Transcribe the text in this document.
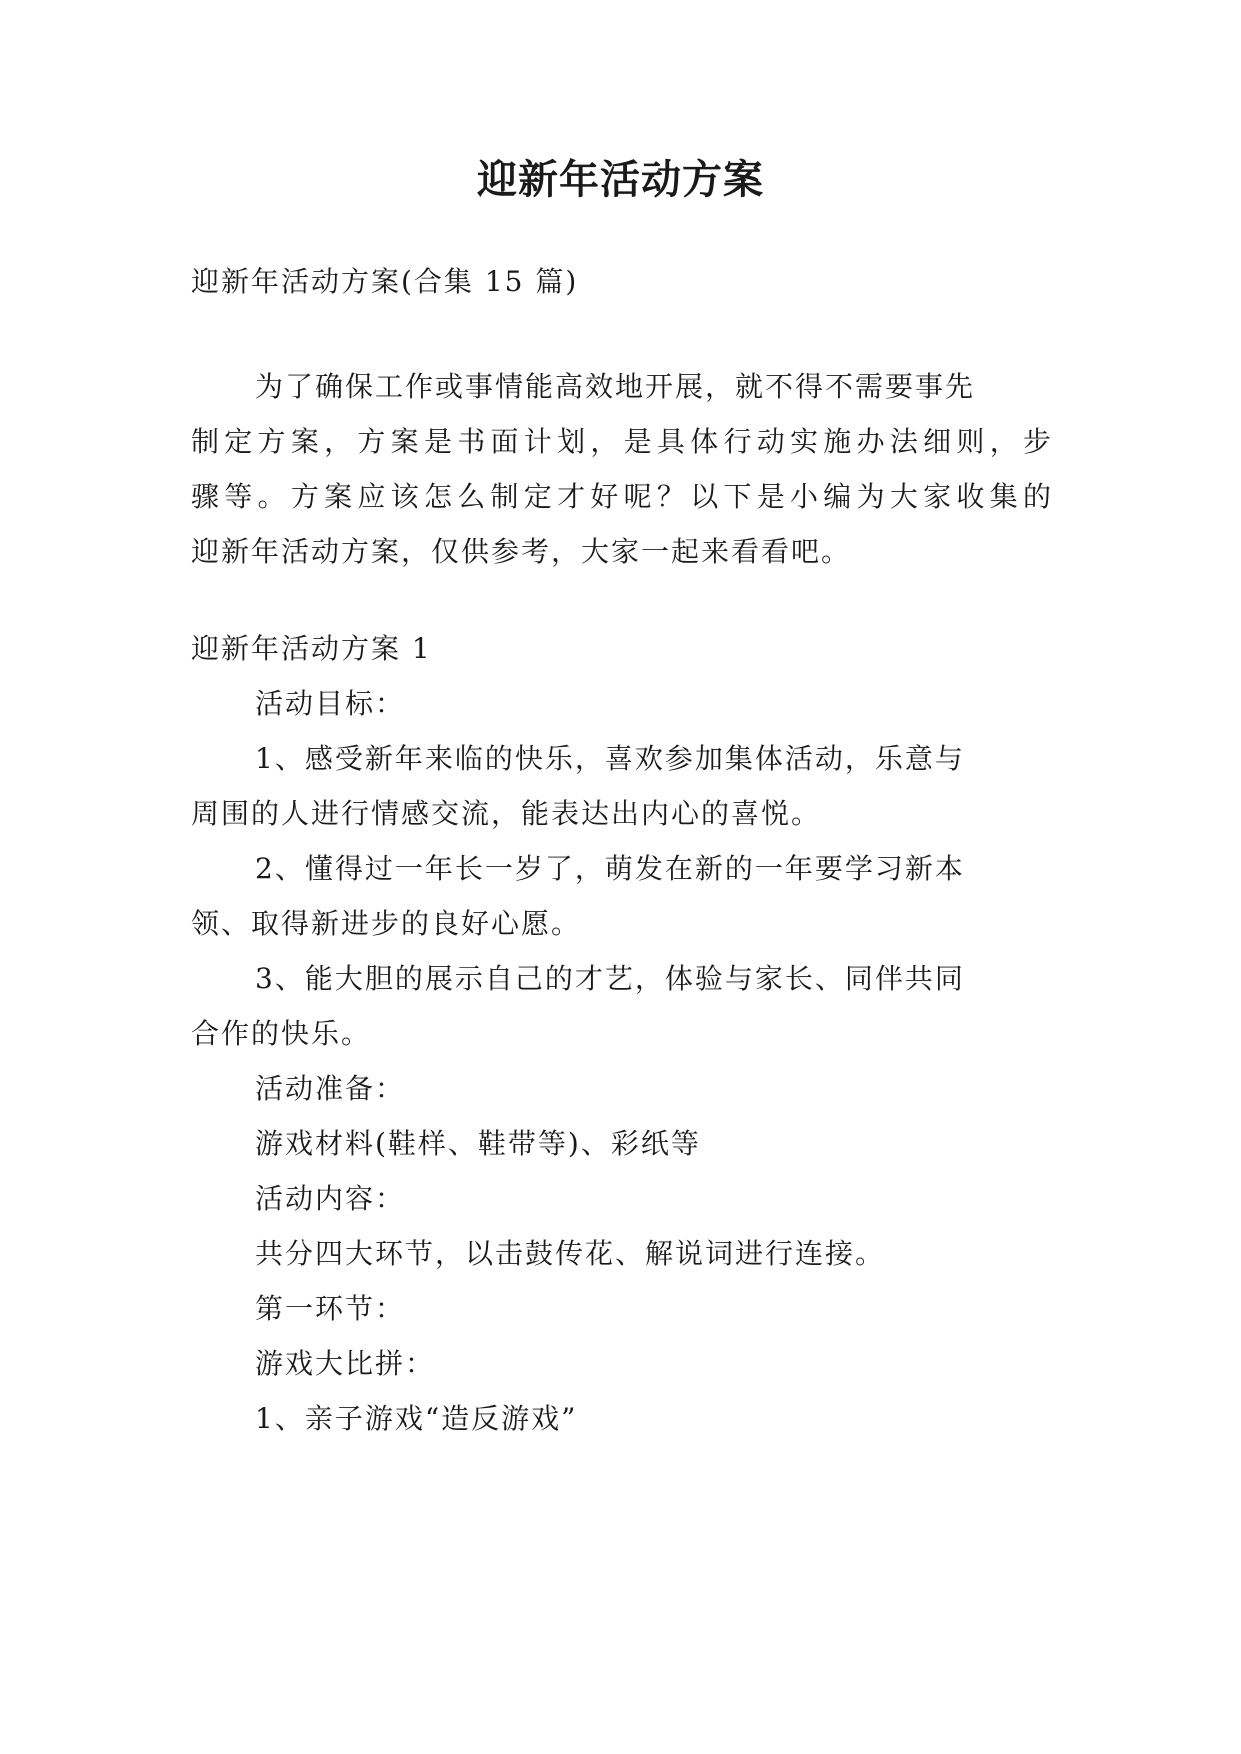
迎新年活动方案
迎新年活动方案(合集 15 篇)
为了确保工作或事情能高效地开展，就不得不需要事先
制定方案，方案是书面计划，是具体行动实施办法细则，步
骤等。方案应该怎么制定才好呢？以下是小编为大家收集的
迎新年活动方案，仅供参考，大家一起来看看吧。
迎新年活动方案 1
活动目标：
1、感受新年来临的快乐，喜欢参加集体活动，乐意与
周围的人进行情感交流，能表达出内心的喜悦。
2、懂得过一年长一岁了，萌发在新的一年要学习新本
领、取得新进步的良好心愿。
3、能大胆的展示自己的才艺，体验与家长、同伴共同
合作的快乐。
活动准备：
游戏材料(鞋样、鞋带等)、彩纸等
活动内容：
共分四大环节，以击鼓传花、解说词进行连接。
第一环节：
游戏大比拼：
1、亲子游戏“造反游戏”
